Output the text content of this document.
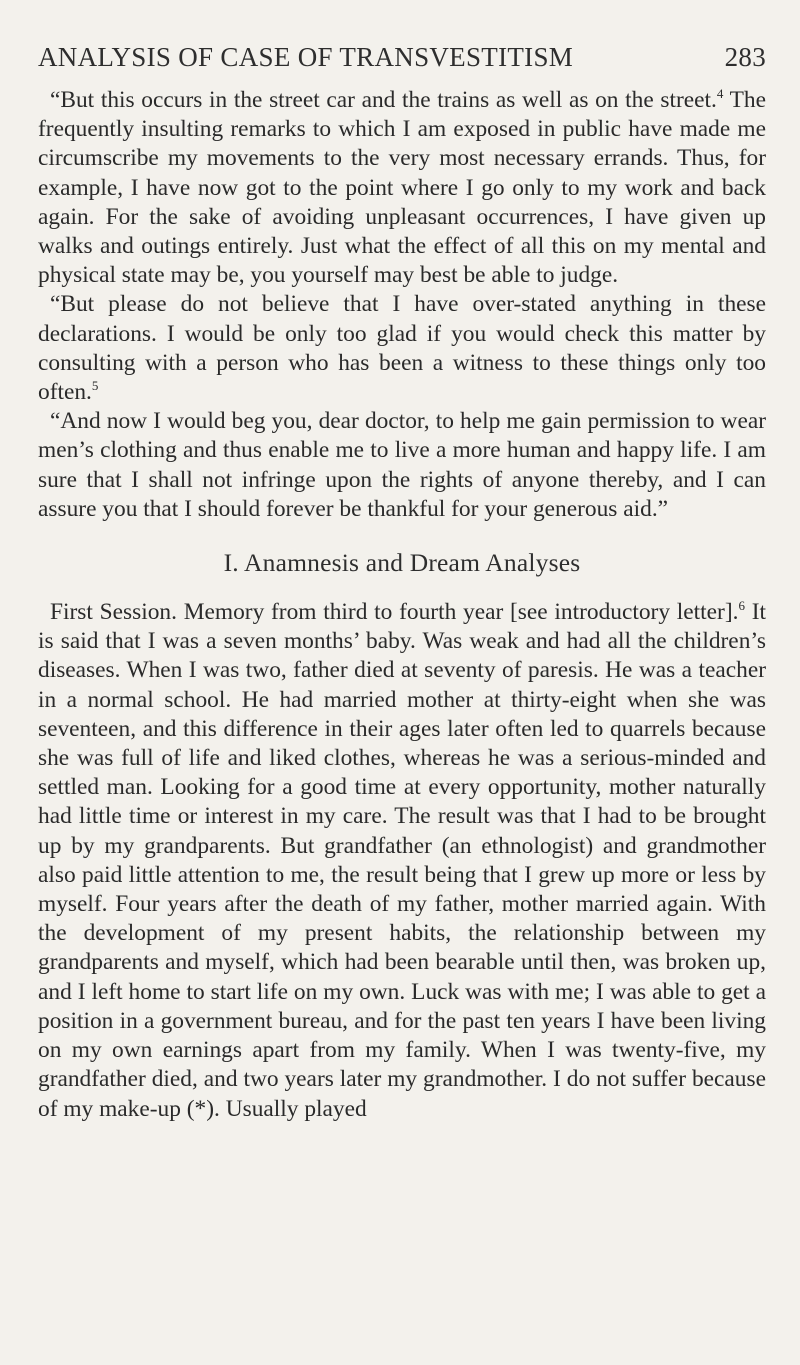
ANALYSIS OF CASE OF TRANSVESTITISM	283

“But this occurs in the street car and the trains as well as on the street.$^4$ The frequently insulting remarks to which I am exposed in public have made me circumscribe my movements to the very most necessary errands. Thus, for example, I have now got to the point where I go only to my work and back again. For the sake of avoiding unpleasant occurrences, I have given up walks and outings entirely. Just what the effect of all this on my mental and physical state may be, you yourself may best be able to judge.

“But please do not believe that I have over-stated anything in these declarations. I would be only too glad if you would check this matter by consulting with a person who has been a witness to these things only too often.$^5$

“And now I would beg you, dear doctor, to help me gain permission to wear men’s clothing and thus enable me to live a more human and happy life. I am sure that I shall not infringe upon the rights of anyone thereby, and I can assure you that I should forever be thankful for your generous aid.”

I. Anamnesis and Dream Analyses

First Session. Memory from third to fourth year [see introductory letter].$^6$ It is said that I was a seven months’ baby. Was weak and had all the children’s diseases. When I was two, father died at seventy of paresis. He was a teacher in a normal school. He had married mother at thirty-eight when she was seventeen, and this difference in their ages later often led to quarrels because she was full of life and liked clothes, whereas he was a serious-minded and settled man. Looking for a good time at every opportunity, mother naturally had little time or interest in my care. The result was that I had to be brought up by my grandparents. But grandfather (an ethnologist) and grandmother also paid little attention to me, the result being that I grew up more or less by myself. Four years after the death of my father, mother married again. With the development of my present habits, the relationship between my grandparents and myself, which had been bearable until then, was broken up, and I left home to start life on my own. Luck was with me; I was able to get a position in a government bureau, and for the past ten years I have been living on my own earnings apart from my family. When I was twenty-five, my grandfather died, and two years later my grandmother. I do not suffer because of my make-up (*). Usually played
